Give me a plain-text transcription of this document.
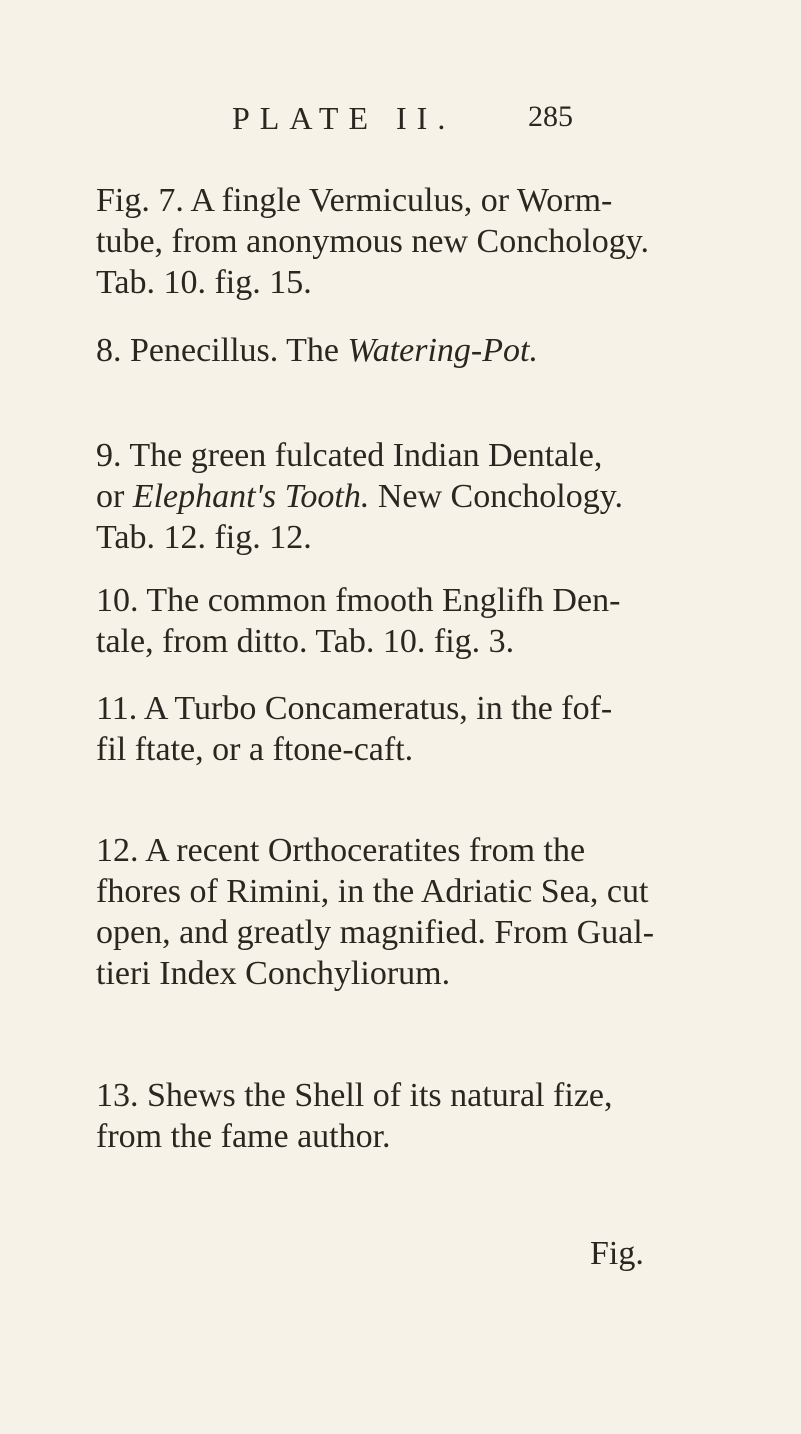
PLATE II. 285

Fig. 7. A fingle Vermiculus, or Worm-

tube, from anonymous new Conchology.

Tab. 10. fig. 15.

8. Penecillus. The Watering-Pot.

9. The green fulcated Indian Dentale,

or Elephant's Tooth. New Conchology.

Tab. 12. fig. 12.

10. The common fmooth Englifh Den-

tale, from ditto. Tab. 10. fig. 3.

11. A Turbo Concameratus, in the fof-

fil ftate, or a ftone-caft.

12. A recent Orthoceratites from the

fhores of Rimini, in the Adriatic Sea, cut

open, and greatly magnified. From Gual-

tieri Index Conchyliorum.

13. Shews the Shell of its natural fize,

from the fame author.

Fig.
